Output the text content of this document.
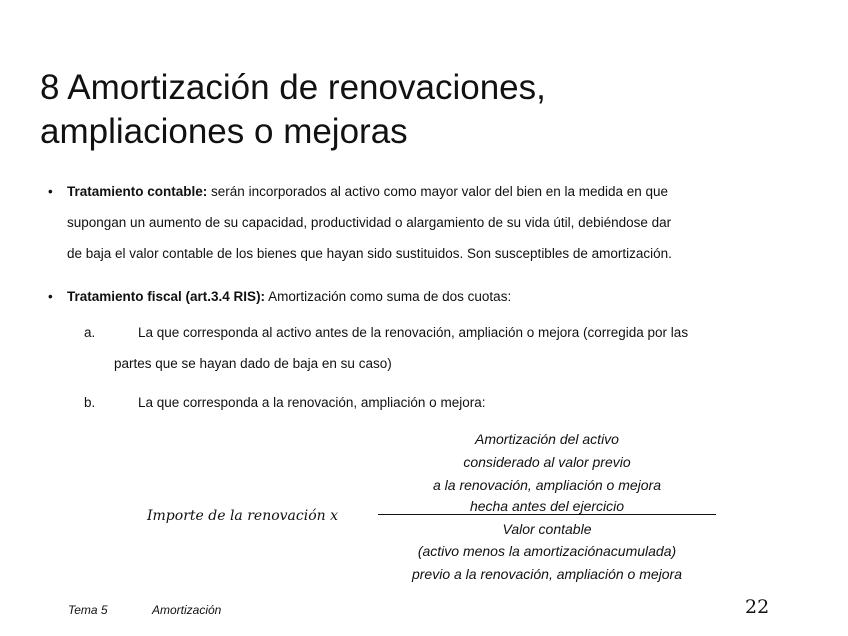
8 Amortización de renovaciones,
ampliaciones o mejoras
• Tratamiento contable: serán incorporados al activo como mayor valor del bien en la medida en que
supongan un aumento de su capacidad, productividad o alargamiento de su vida útil, debiéndose dar
de baja el valor contable de los bienes que hayan sido sustituidos. Son susceptibles de amortización.
• Tratamiento fiscal (art.3.4 RIS): Amortización como suma de dos cuotas:
a.	La que corresponda al activo antes de la renovación, ampliación o mejora (corregida por las
partes que se hayan dado de baja en su caso)
b.	La que corresponda a la renovación, ampliación o mejora:
Importe de la renovación x
Amortización del activo
considerado al valor previo
a la renovación, ampliación o mejora
hecha antes del ejercicio
Valor contable
(activo menos la amortizaciónacumulada)
previo a la renovación, ampliación o mejora
Tema 5	Amortización	22
